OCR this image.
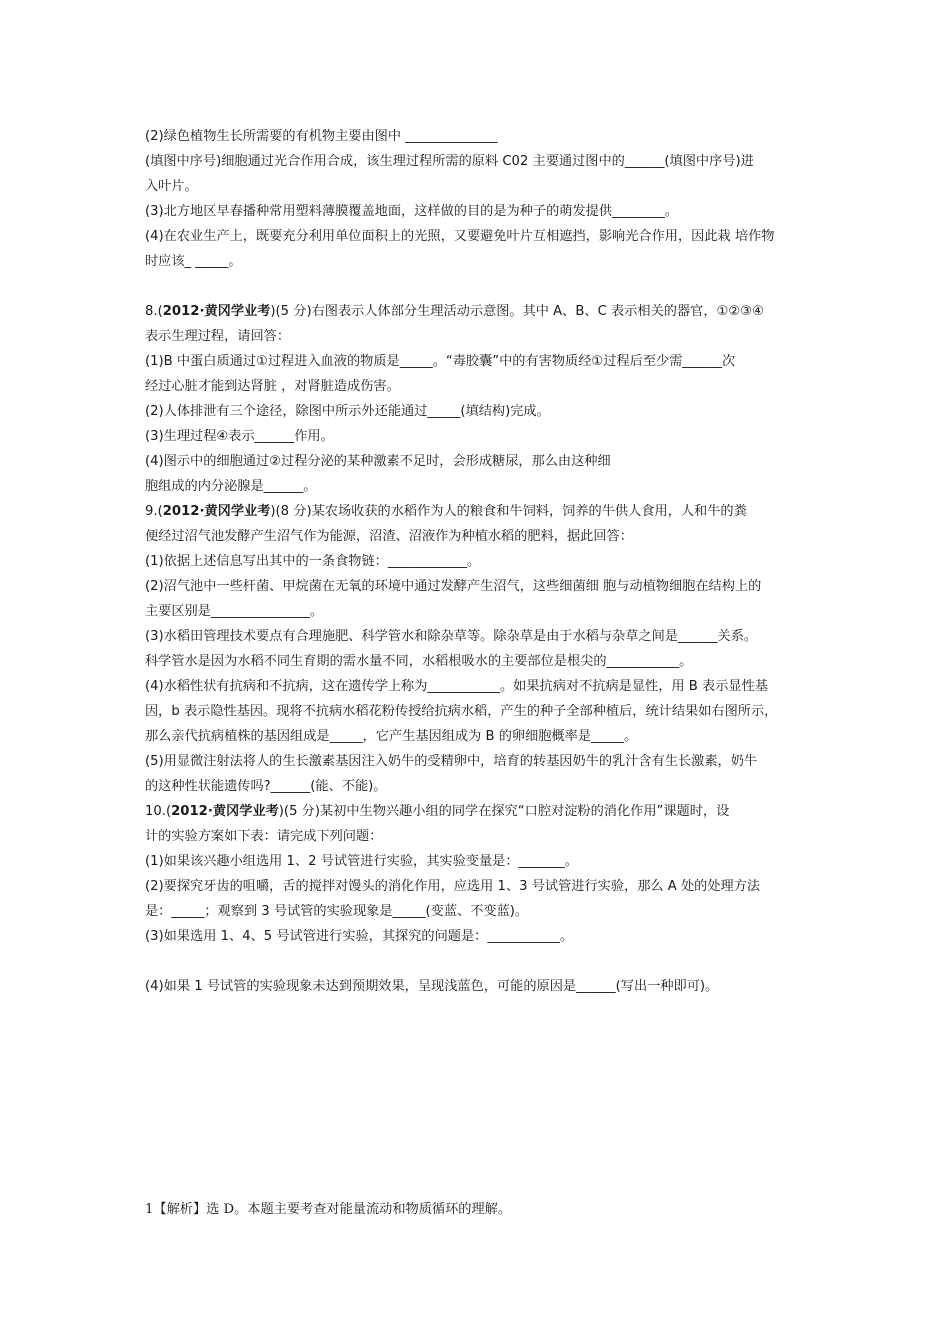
(2)绿色植物生长所需要的有机物主要由图中 ______________
(填图中序号)细胞通过光合作用合成，该生理过程所需的原料 C02 主要通过图中的______(填图中序号)进
入叶片。
(3)北方地区早春播种常用塑料薄膜覆盖地面，这样做的目的是为种子的萌发提供________。
(4)在农业生产上，既要充分利用单位面积上的光照，又要避免叶片互相遮挡，影响光合作用，因此栽 培作物
时应该_ _____。
8.(2012·黄冈学业考)(5 分)右图表示人体部分生理活动示意图。其中 A、B、C 表示相关的器官，①②③④
表示生理过程，请回答：
(1)B 中蛋白质通过①过程进入血液的物质是_____。“毒胶囊”中的有害物质经①过程后至少需______次
经过心脏才能到达肾脏 ，对肾脏造成伤害。
(2)人体排泄有三个途径，除图中所示外还能通过_____(填结构)完成。
(3)生理过程④表示______作用。
(4)图示中的细胞通过②过程分泌的某种激素不足时，会形成糖尿，那么由这种细
胞组成的内分泌腺是______。
9.(2012·黄冈学业考)(8 分)某农场收获的水稻作为人的粮食和牛饲料，饲养的牛供人食用，人和牛的粪
便经过沼气池发酵产生沼气作为能源，沼渣、沼液作为种植水稻的肥料，据此回答：
(1)依据上述信息写出其中的一条食物链：____________。
(2)沼气池中一些杆菌、甲烷菌在无氧的环境中通过发酵产生沼气，这些细菌细 胞与动植物细胞在结构上的
主要区别是_______________。
(3)水稻田管理技术要点有合理施肥、科学管水和除杂草等。除杂草是由于水稻与杂草之间是______关系。
科学管水是因为水稻不同生育期的需水量不同，水稻根吸水的主要部位是根尖的___________。
(4)水稻性状有抗病和不抗病，这在遗传学上称为___________。如果抗病对不抗病是显性，用 B 表示显性基
因，b 表示隐性基因。现将不抗病水稻花粉传授给抗病水稻，产生的种子全部种植后，统计结果如右图所示，
那么亲代抗病植株的基因组成是_____，它产生基因组成为 B 的卵细胞概率是_____。
(5)用显微注射法将人的生长激素基因注入奶牛的受精卵中，培育的转基因奶牛的乳汁含有生长激素，奶牛
的这种性状能遗传吗?______(能、不能)。
10.(2012·黄冈学业考)(5 分)某初中生物兴趣小组的同学在探究“口腔对淀粉的消化作用”课题时，设
计的实验方案如下表：请完成下列问题：
(1)如果该兴趣小组选用 1、2 号试管进行实验，其实验变量是：_______。
(2)要探究牙齿的咀嚼，舌的搅拌对馒头的消化作用，应选用 1、3 号试管进行实验，那么 A 处的处理方法
是：_____；观察到 3 号试管的实验现象是_____(变蓝、不变蓝)。
(3)如果选用 1、4、5 号试管进行实验，其探究的问题是：___________。
(4)如果 1 号试管的实验现象未达到预期效果，呈现浅蓝色，可能的原因是______(写出一种即可)。
1【解析】选 D。本题主要考查对能量流动和物质循环的理解。
